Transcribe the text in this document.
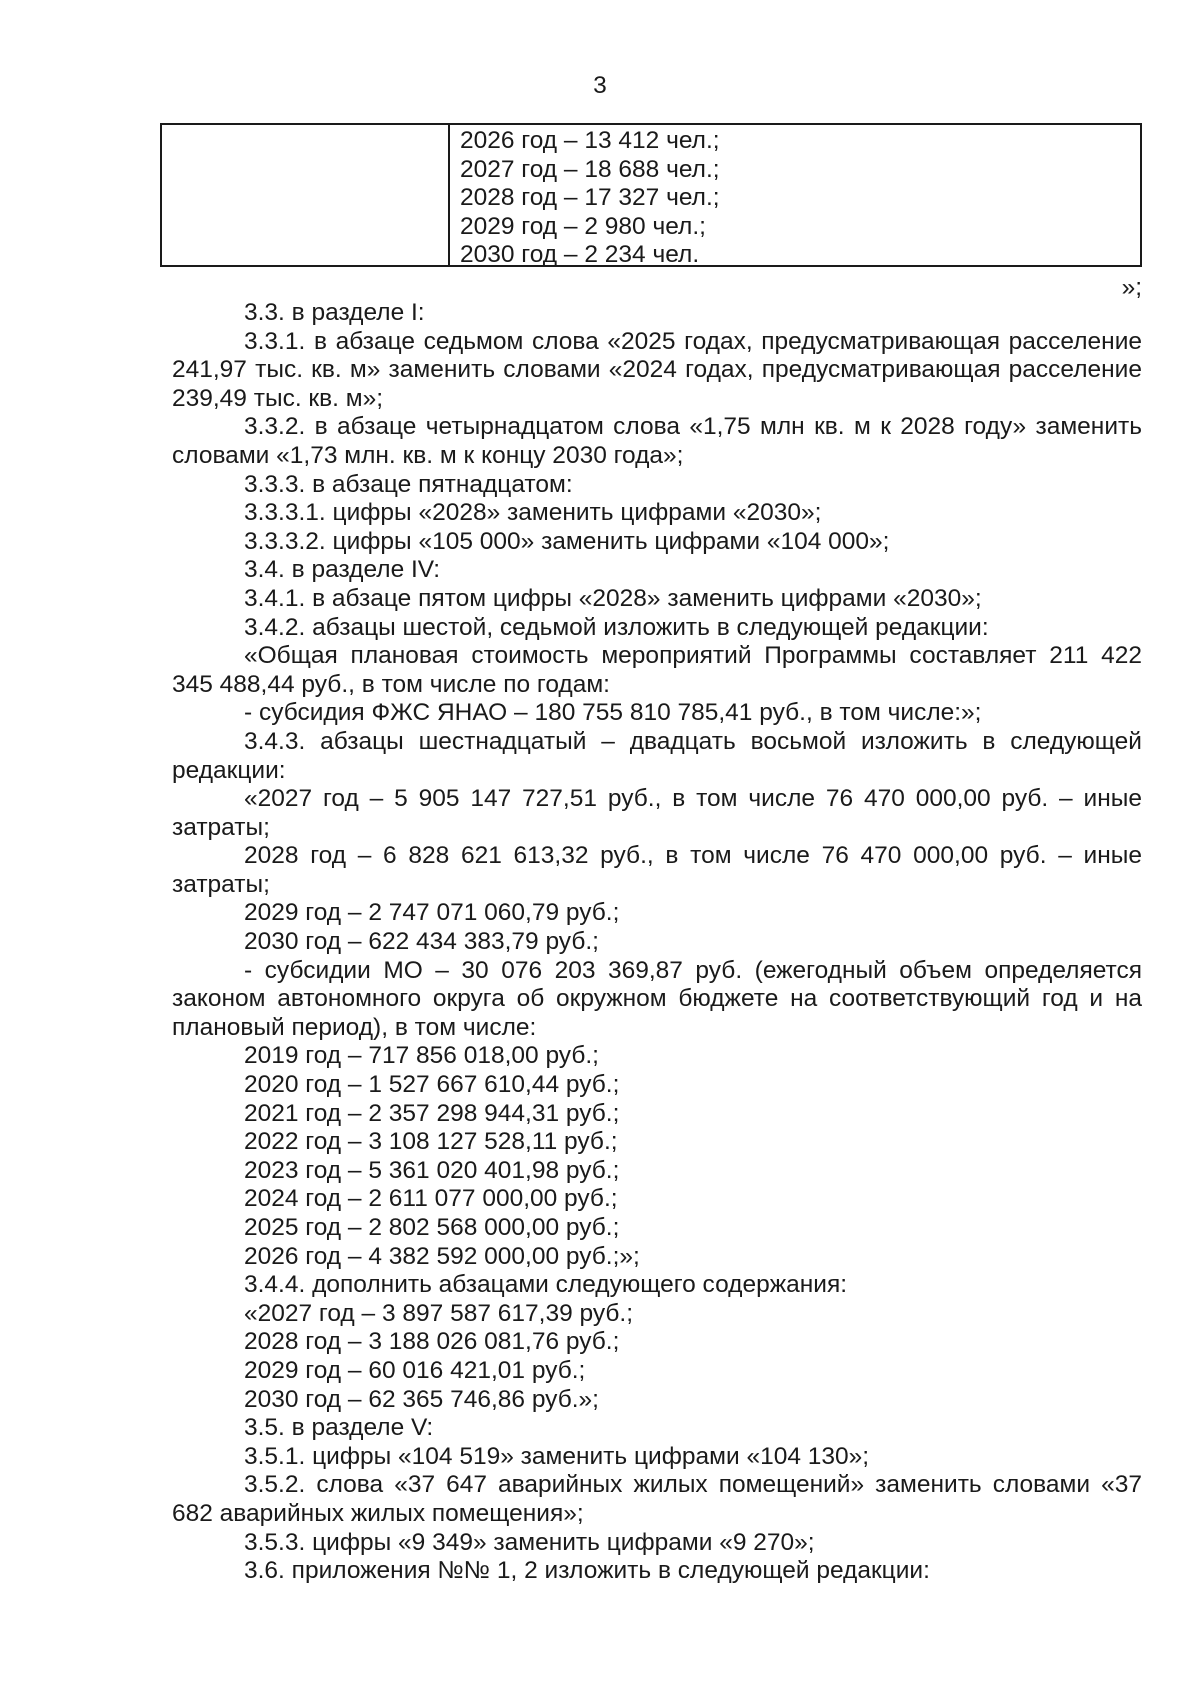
3
2026 год – 13 412 чел.;
2027 год – 18 688 чел.;
2028 год – 17 327 чел.;
2029 год – 2 980 чел.;
2030 год – 2 234 чел.
»;

3.3. в разделе I:

3.3.1. в абзаце седьмом слова «2025 годах, предусматривающая расселение 241,97 тыс. кв. м» заменить словами «2024 годах, предусматривающая расселение 239,49 тыс. кв. м»;

3.3.2. в абзаце четырнадцатом слова «1,75 млн кв. м к 2028 году» заменить словами «1,73 млн. кв. м к концу 2030 года»;

3.3.3. в абзаце пятнадцатом:

3.3.3.1. цифры «2028» заменить цифрами «2030»;

3.3.3.2. цифры «105 000» заменить цифрами «104 000»;

3.4. в разделе IV:

3.4.1. в абзаце пятом цифры «2028» заменить цифрами «2030»;

3.4.2. абзацы шестой, седьмой изложить в следующей редакции:

«Общая плановая стоимость мероприятий Программы составляет 211 422 345 488,44 руб., в том числе по годам:

- субсидия ФЖС ЯНАО – 180 755 810 785,41 руб., в том числе:»;

3.4.3. абзацы шестнадцатый – двадцать восьмой изложить в следующей редакции:

«2027 год – 5 905 147 727,51 руб., в том числе 76 470 000,00 руб. – иные затраты;

2028 год – 6 828 621 613,32 руб., в том числе 76 470 000,00 руб. – иные затраты;

2029 год – 2 747 071 060,79 руб.;

2030 год – 622 434 383,79 руб.;

- субсидии МО – 30 076 203 369,87 руб. (ежегодный объем определяется законом автономного округа об окружном бюджете на соответствующий год и на плановый период), в том числе:

2019 год – 717 856 018,00 руб.;

2020 год – 1 527 667 610,44 руб.;

2021 год – 2 357 298 944,31 руб.;

2022 год – 3 108 127 528,11 руб.;

2023 год – 5 361 020 401,98 руб.;

2024 год – 2 611 077 000,00 руб.;

2025 год – 2 802 568 000,00 руб.;

2026 год – 4 382 592 000,00 руб.;»;

3.4.4. дополнить абзацами следующего содержания:

«2027 год – 3 897 587 617,39 руб.;

2028 год – 3 188 026 081,76 руб.;

2029 год – 60 016 421,01 руб.;

2030 год – 62 365 746,86 руб.»;

3.5. в разделе V:

3.5.1. цифры «104 519» заменить цифрами «104 130»;

3.5.2. слова «37 647 аварийных жилых помещений» заменить словами «37 682 аварийных жилых помещения»;

3.5.3. цифры «9 349» заменить цифрами «9 270»;

3.6. приложения №№ 1, 2 изложить в следующей редакции:
